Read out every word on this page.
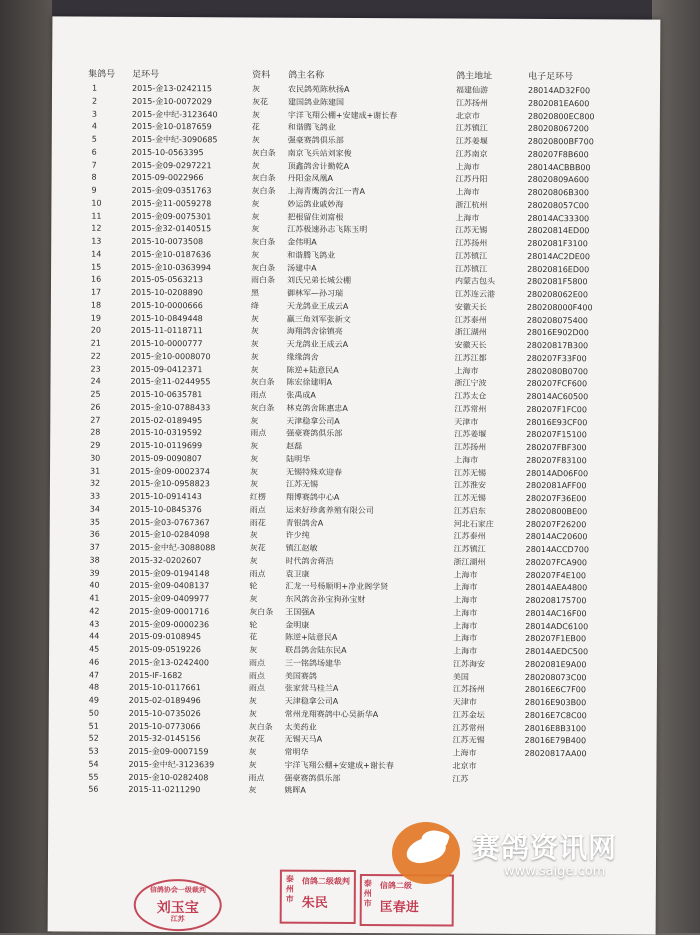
集鸽号 足环号	资料 鸽主名称	鸽主地址	电子足环号
1	2015-金13-0242115	灰	农民鸽苑陈秋扬A	福建仙游	28014AD32F00
2	2015-金10-0072029	灰花 建国鸽业陈建国	江苏扬州	2802081EA600
3	2015-金中纪-3123640	灰	宇洋飞翔公棚+安建成+谢长春	北京市	28020800EC800
4	2015-金10-0187659	花	和谐腾飞鸽业	江苏镇江	28020806720​0
5	2015-金中纪-3090685	灰	强豪赛鸽俱乐部	江苏姜堰	28020800BF700
6	2015-10-0563395	灰白条 南京飞兵站刘家俊	江苏南京	280207F8B600
7	2015-金09-0297221	灰	顶鑫鸽舍计勤乾A	上海市	28014ACBBB00
8	2015-09-0022966	灰白条 丹阳金凤凰A	江苏丹阳	28020809A600
9	2015-金09-0351763	灰白条 上海青鹰鸽舍江一青A	上海市	28020806B300
10	2015-金11-0059278	灰	妙运鸽业戚妙海	浙江杭州	28020805​7C00
11	2015-金09-0075301	灰	把根留住刘富根	上海市	28014AC33300
12	2015-金32-0140515	灰	江苏极速孙志飞陈玉明	江苏无锡	2802081​4ED00
13	2015-10-0073508	灰白条 金伟明A	江苏扬州	2802081F3100
14	2015-金10-0187636	灰	和谐腾飞鸽业	江苏镇江	28014AC2DE00
15	2015-金10-0363994	灰白条 汤建中A	江苏镇江	2802081​6ED00
16	2015-05-0563213	雨白条 刘氏兄弟长城公棚	内蒙古包头	2802081F5800
17	2015-10-0208890	黑	御林军—孙习瑞	江苏连云港	28020806​2E00
18	2015-10-0000666	绛	天龙鸽业王成云A	安徽天长	280208000F400
19	2015-10-0849448	灰	赢三角刘军张新文	江苏泰州	28020807​5400
20	2015-11-0118711	灰	海翔鸽舍徐镇亮	浙江湖州	28016E902D00
21	2015-10-0000777	灰	天龙鸽业王成云A	安徽天长	2802081​7B300
22	2015-金10-0008070	灰	缘缘鸽舍	江苏江都	280207F33F00
23	2015-09-0412371	灰	陈逆+陆意民A	上海市	2802080B0700
24	2015-金11-0244955	灰白条 陈宏徐建明A	浙江宁波	280207FCF600
25	2015-10-0635781	雨点 张禹成A	江苏太仓	28014AC60500
26	2015-金10-0788433	灰白条 林克鸽舍陈惠忠A	江苏常州	280207F1FC00
27	2015-02-0189495	灰	天津稳拿公司A	天津市	28016E93CF00
28	2015-10-0319592	雨点 强豪赛鸽俱乐部	江苏姜堰	280207F15100
29	2015-10-0119699	灰	赵磊	江苏扬州	280207FBF300
30	2015-09-0090807	灰	陆明华	上海市	280207F83100
31	2015-金09-0002374	灰	无锡特殊欢迎春	江苏无锡	28014AD06F00
32	2015-金10-0958823	灰	江苏无锡	江苏淮安	2802081AFF00
33	2015-10-0914143	红楞 翔博赛鸽中心A	江苏无锡	280207F36E00
34	2015-10-0845376	雨点 运来好珍禽养殖有限公司	江苏启东	2802080​0BE00
35	2015-金03-0767367	雨花 青银鸽舍A	河北石家庄	280207F26200
36	2015-金10-0284098	灰	许少纯	江苏泰州	28014AC20600
37	2015-金中纪-3088088	灰花 镇江赵敏	江苏镇江	28014ACCD700
38	2015-32-0202607	灰	时代鸽舍蒋浩	浙江湖州	280207FCA900
39	2015-金09-0194148	雨点 袁卫康	上海市	280207F4E100
40	2015-金09-0408137	轮	汇龙一号杨顺明+净业阁学贤	上海市	28014AEA4800
41	2015-金09-0409977	灰	东风鸽舍孙宝狗孙宝财	上海市	28020817​5700
42	2015-金09-0001716	灰白条 王国强A	上海市	28014AC16F00
43	2015-金09-0000236	轮	金明康	上海市	28014ADC6100
44	2015-09-0108945	花	陈逆+陆意民A	上海市	280207F1EB00
45	2015-09-0519226	灰	联昌鸽舍陆东民A	上海市	28014AEDC500
46	2015-金13-0242400	雨点 三一铭鸽场建华	江苏海安	2802081E9A00
47	2015-IF-1682	雨点 美国赛鸽	美国	28020807​3C00
48	2015-10-0117661	雨点 张家营马桂兰A	江苏扬州	28016E6C7F00
49	2015-02-0189496	灰	天津稳拿公司A	天津市	28016E903B00
50	2015-10-0735026	灰	常州龙翔赛鸽中心吴新华A	江苏金坛	28016E7C8C00
51	2015-10-0773066	灰白条 太美药业	江苏常州	28016E8B3100
52	2015-32-0145156	灰花 无锡天马A	江苏无锡	28016E79B400
53	2015-金09-0007159	灰	常明华	上海市	2802081​7AA00
54	2015-金中纪-3123639	灰	宇洋飞翔公棚+安建成+谢长春	北京市
55	2015-金10-0282408	雨点 强豪赛鸽俱乐部	江苏
56	2015-11-0211290	灰	姚晖A
信鸽协会一级裁判
刘玉宝
江苏
泰州市
信鸽二级裁判
朱民
泰州市
信鸽二级
匡春进
赛鸽资讯网
www.saige.com
